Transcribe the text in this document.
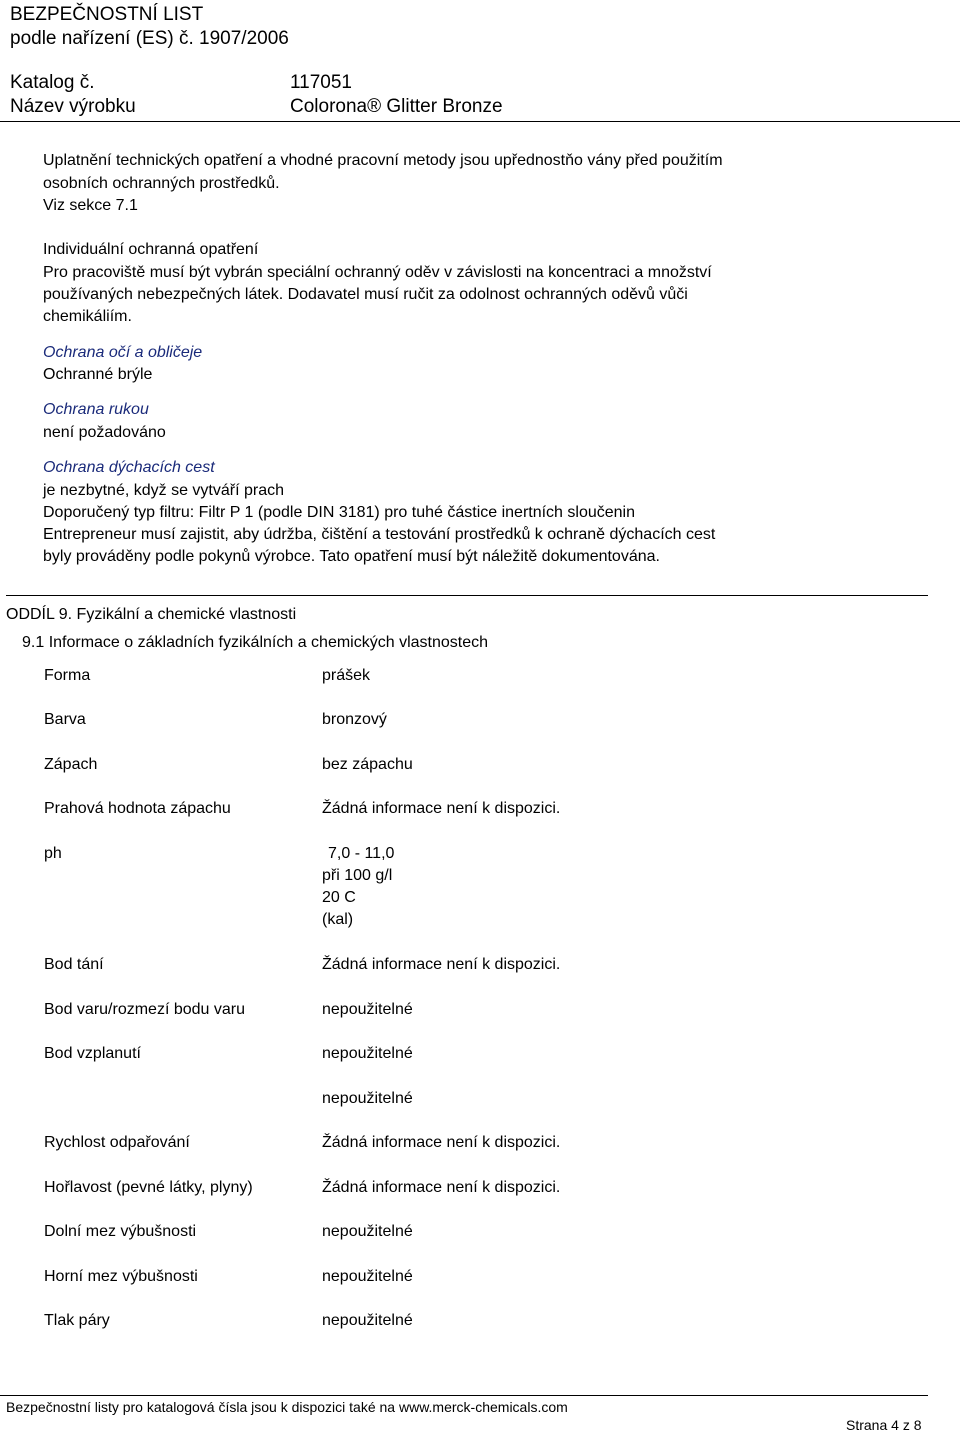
BEZPEČNOSTNÍ LIST
podle nařízení (ES) č. 1907/2006
Katalog č.	117051
Název výrobku	Colorona® Glitter Bronze
Uplatnění technických opatření a vhodné pracovní metody jsou upřednostňo vány před použitím
osobních ochranných prostředků.
Viz sekce 7.1
Individuální ochranná opatření
Pro pracoviště musí být vybrán speciální ochranný oděv v závislosti na koncentraci a množství
používaných nebezpečných látek. Dodavatel musí ručit za odolnost ochranných oděvů vůči
chemikáliím.
Ochrana očí a obličeje
Ochranné brýle
Ochrana rukou
není požadováno
Ochrana dýchacích cest
je nezbytné, když se vytváří prach
Doporučený typ filtru: Filtr P 1 (podle DIN 3181) pro tuhé částice inertních sloučenin
Entrepreneur musí zajistit, aby údržba, čištění a testování prostředků k ochraně dýchacích cest
byly prováděny podle pokynů výrobce. Tato opatření musí být náležitě dokumentována.
ODDÍL 9. Fyzikální a chemické vlastnosti
9.1 Informace o základních fyzikálních a chemických vlastnostech
Forma	prášek
Barva	bronzový
Zápach	bez zápachu
Prahová hodnota zápachu	Žádná informace není k dispozici.
ph	7,0 - 11,0
při 100 g/l
20 C
(kal)
Bod tání	Žádná informace není k dispozici.
Bod varu/rozmezí bodu varu	nepoužitelné
Bod vzplanutí	nepoužitelné
nepoužitelné
Rychlost odpařování	Žádná informace není k dispozici.
Hořlavost (pevné látky, plyny)	Žádná informace není k dispozici.
Dolní mez výbušnosti	nepoužitelné
Horní mez výbušnosti	nepoužitelné
Tlak páry	nepoužitelné
Bezpečnostní listy pro katalogová čísla jsou k dispozici také na www.merck-chemicals.com
Strana 4 z 8
